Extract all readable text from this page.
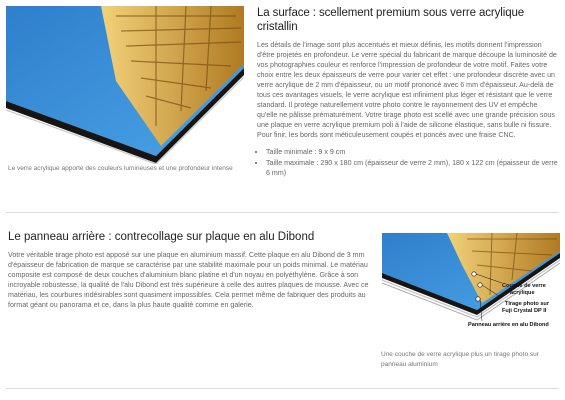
Le verre acrylique apporte des couleurs lumineuses et une profondeur intense
La surface : scellement premium sous verre acrylique cristallin

Les détails de l'image sont plus accentués et mieux définis, les motifs donnent l'impression d'être projetés en profondeur. Le verre spécial du fabricant de marque découpe la luminosité de vos photographies couleur et renforce l'impression de profondeur de votre motif. Faites votre choix entre les deux épaisseurs de verre pour varier cet effet : une profondeur discrète avec un verre acrylique de 2 mm d'épaisseur, ou un motif prononcé avec 6 mm d'épaisseur. Au-delà de tous ces avantages visuels, le verre acrylique est infiniment plus léger et résistant que le verre standard. Il protège naturellement votre photo contre le rayonnement des UV et empêche qu'elle ne pâlisse prématurément. Votre tirage photo est scellé avec une grande précision sous une plaque en verre acrylique premium poli à l'aide de silicone élastique, sans bulle ni fissure. Pour finir, les bords sont méticuleusement coupés et poncés avec une fraise CNC.

• Taille minimale : 9 x 9 cm
• Taille maximale : 290 x 180 cm (épaisseur de verre 2 mm), 180 x 122 cm (épaisseur de verre 6 mm)
Le panneau arrière : contrecollage sur plaque en alu Dibond

Votre véritable tirage photo est apposé sur une plaque en aluminium massif. Cette plaque en alu Dibond de 3 mm d'épaisseur de fabrication de marque se caractérise par une stabilité maximale pour un poids minimal. Le matériau composite est composé de deux couches d'aluminium blanc platine et d'un noyau en polyéthylène. Grâce à son incroyable robustesse, la qualité de l'alu Dibond est très supérieure à celle des autres plaques de mousse. Avec ce matériau, les courbures indésirables sont quasiment impossibles. Cela permet même de fabriquer des produits au format géant ou panorama et ce, dans la plus haute qualité comme en galerie.

Couche de verre acrylique
Tirage photo sur Fuji Crystal DP II
Panneau arrière en alu Dibond
Une couche de verre acrylique plus un tirage photo sur panneau aluminium
